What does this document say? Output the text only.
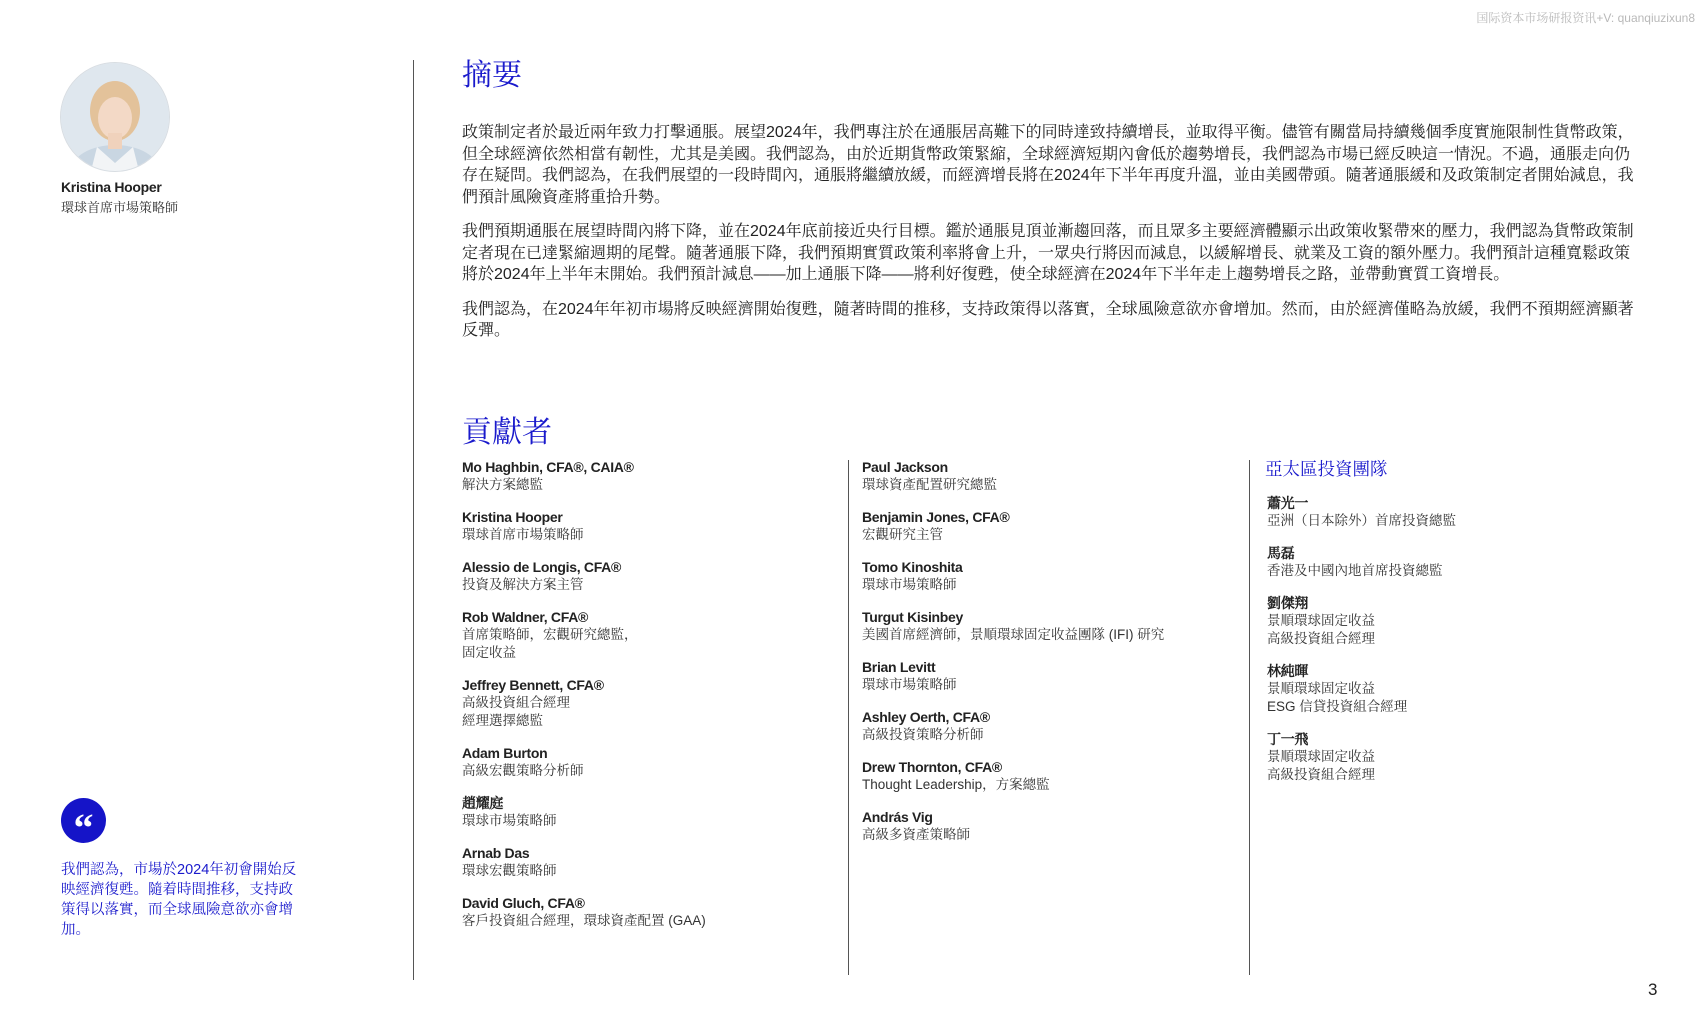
国际资本市场研报资讯+V: quanqiuzixun8
Kristina Hooper
環球首席市場策略師
“
我們認為，市場於2024年初會開始反映經濟復甦。隨着時間推移，支持政策得以落實，而全球風險意欲亦會增加。
摘要

政策制定者於最近兩年致力打擊通脹。展望2024年，我們專注於在通脹居高難下的同時達致持續增長，並取得平衡。儘管有關當局持續幾個季度實施限制性貨幣政策，但全球經濟依然相當有韌性，尤其是美國。我們認為，由於近期貨幣政策緊縮，全球經濟短期內會低於趨勢增長，我們認為市場已經反映這一情況。不過，通脹走向仍存在疑問。我們認為，在我們展望的一段時間內，通脹將繼續放緩，而經濟增長將在2024年下半年再度升溫，並由美國帶頭。隨著通脹緩和及政策制定者開始減息，我們預計風險資產將重拾升勢。

我們預期通脹在展望時間內將下降，並在2024年底前接近央行目標。鑑於通脹見頂並漸趨回落，而且眾多主要經濟體顯示出政策收緊帶來的壓力，我們認為貨幣政策制定者現在已達緊縮週期的尾聲。隨著通脹下降，我們預期實質政策利率將會上升，一眾央行將因而減息，以緩解增長、就業及工資的額外壓力。我們預計這種寬鬆政策將於2024年上半年末開始。我們預計減息——加上通脹下降——將利好復甦，使全球經濟在2024年下半年走上趨勢增長之路，並帶動實質工資增長。

我們認為，在2024年年初市場將反映經濟開始復甦，隨著時間的推移，支持政策得以落實，全球風險意欲亦會增加。然而，由於經濟僅略為放緩，我們不預期經濟顯著反彈。

貢獻者
Mo Haghbin, CFA®, CAIA®
解決方案總監
Kristina Hooper
環球首席市場策略師
Alessio de Longis, CFA®
投資及解決方案主管
Rob Waldner, CFA®
首席策略師，宏觀研究總監，
固定收益
Jeffrey Bennett, CFA®
高級投資組合經理
經理選擇總監
Adam Burton
高級宏觀策略分析師
趙耀庭
環球市場策略師
Arnab Das
環球宏觀策略師
David Gluch, CFA®
客戶投資組合經理，環球資產配置 (GAA)
Paul Jackson
環球資產配置研究總監
Benjamin Jones, CFA®
宏觀研究主管
Tomo Kinoshita
環球市場策略師
Turgut Kisinbey
美國首席經濟師，景順環球固定收益團隊 (IFI) 研究
Brian Levitt
環球市場策略師
Ashley Oerth, CFA®
高級投資策略分析師
Drew Thornton, CFA®
Thought Leadership，方案總監
András Vig
高級多資產策略師
亞太區投資團隊
蕭光一
亞洲（日本除外）首席投資總監
馬磊
香港及中國內地首席投資總監
劉傑翔
景順環球固定收益
高級投資組合經理
林純暉
景順環球固定收益
ESG 信貸投資組合經理
丁一飛
景順環球固定收益
高級投資組合經理
3
